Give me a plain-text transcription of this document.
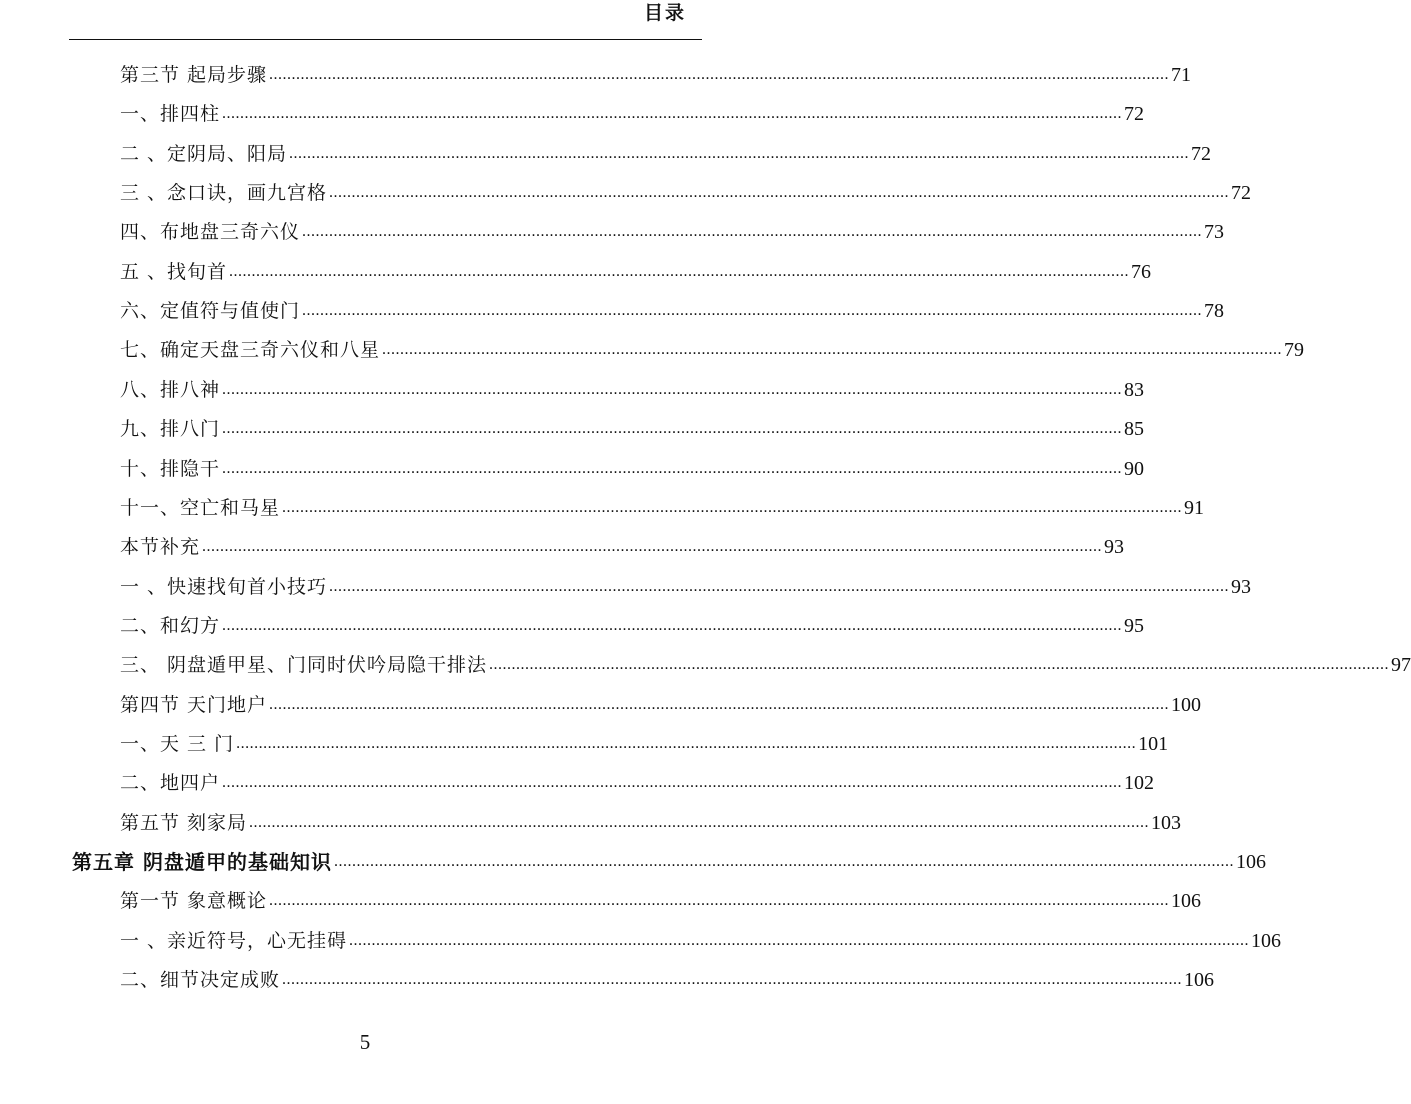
目录
第三节 起局步骤 ........................................................................................................................................................................................................ 71
一、排四柱 ........................................................................................................................................................................................................ 72
二 、定阴局、阳局 ........................................................................................................................................................................................................ 72
三 、念口诀，画九宫格 ........................................................................................................................................................................................................ 72
四、布地盘三奇六仪 ........................................................................................................................................................................................................ 73
五 、找旬首 ........................................................................................................................................................................................................ 76
六、定值符与值使门 ........................................................................................................................................................................................................ 78
七、确定天盘三奇六仪和八星 ........................................................................................................................................................................................................ 79
八、排八神 ........................................................................................................................................................................................................ 83
九、排八门 ........................................................................................................................................................................................................ 85
十、排隐干 ........................................................................................................................................................................................................ 90
十一、空亡和马星 ........................................................................................................................................................................................................ 91
本节补充 ........................................................................................................................................................................................................ 93
一 、快速找旬首小技巧 ........................................................................................................................................................................................................ 93
二、和幻方 ........................................................................................................................................................................................................ 95
三、 阴盘遁甲星、门同时伏吟局隐干排法 ........................................................................................................................................................................................................ 97
第四节 天门地户 ........................................................................................................................................................................................................ 100
一、天 三 门 ........................................................................................................................................................................................................ 101
二、地四户 ........................................................................................................................................................................................................ 102
第五节 刻家局 ........................................................................................................................................................................................................ 103
第五章 阴盘遁甲的基础知识 ........................................................................................................................................................................................................ 106
第一节 象意概论 ........................................................................................................................................................................................................ 106
一 、亲近符号，心无挂碍 ........................................................................................................................................................................................................ 106
二、细节决定成败 ........................................................................................................................................................................................................ 106
5
